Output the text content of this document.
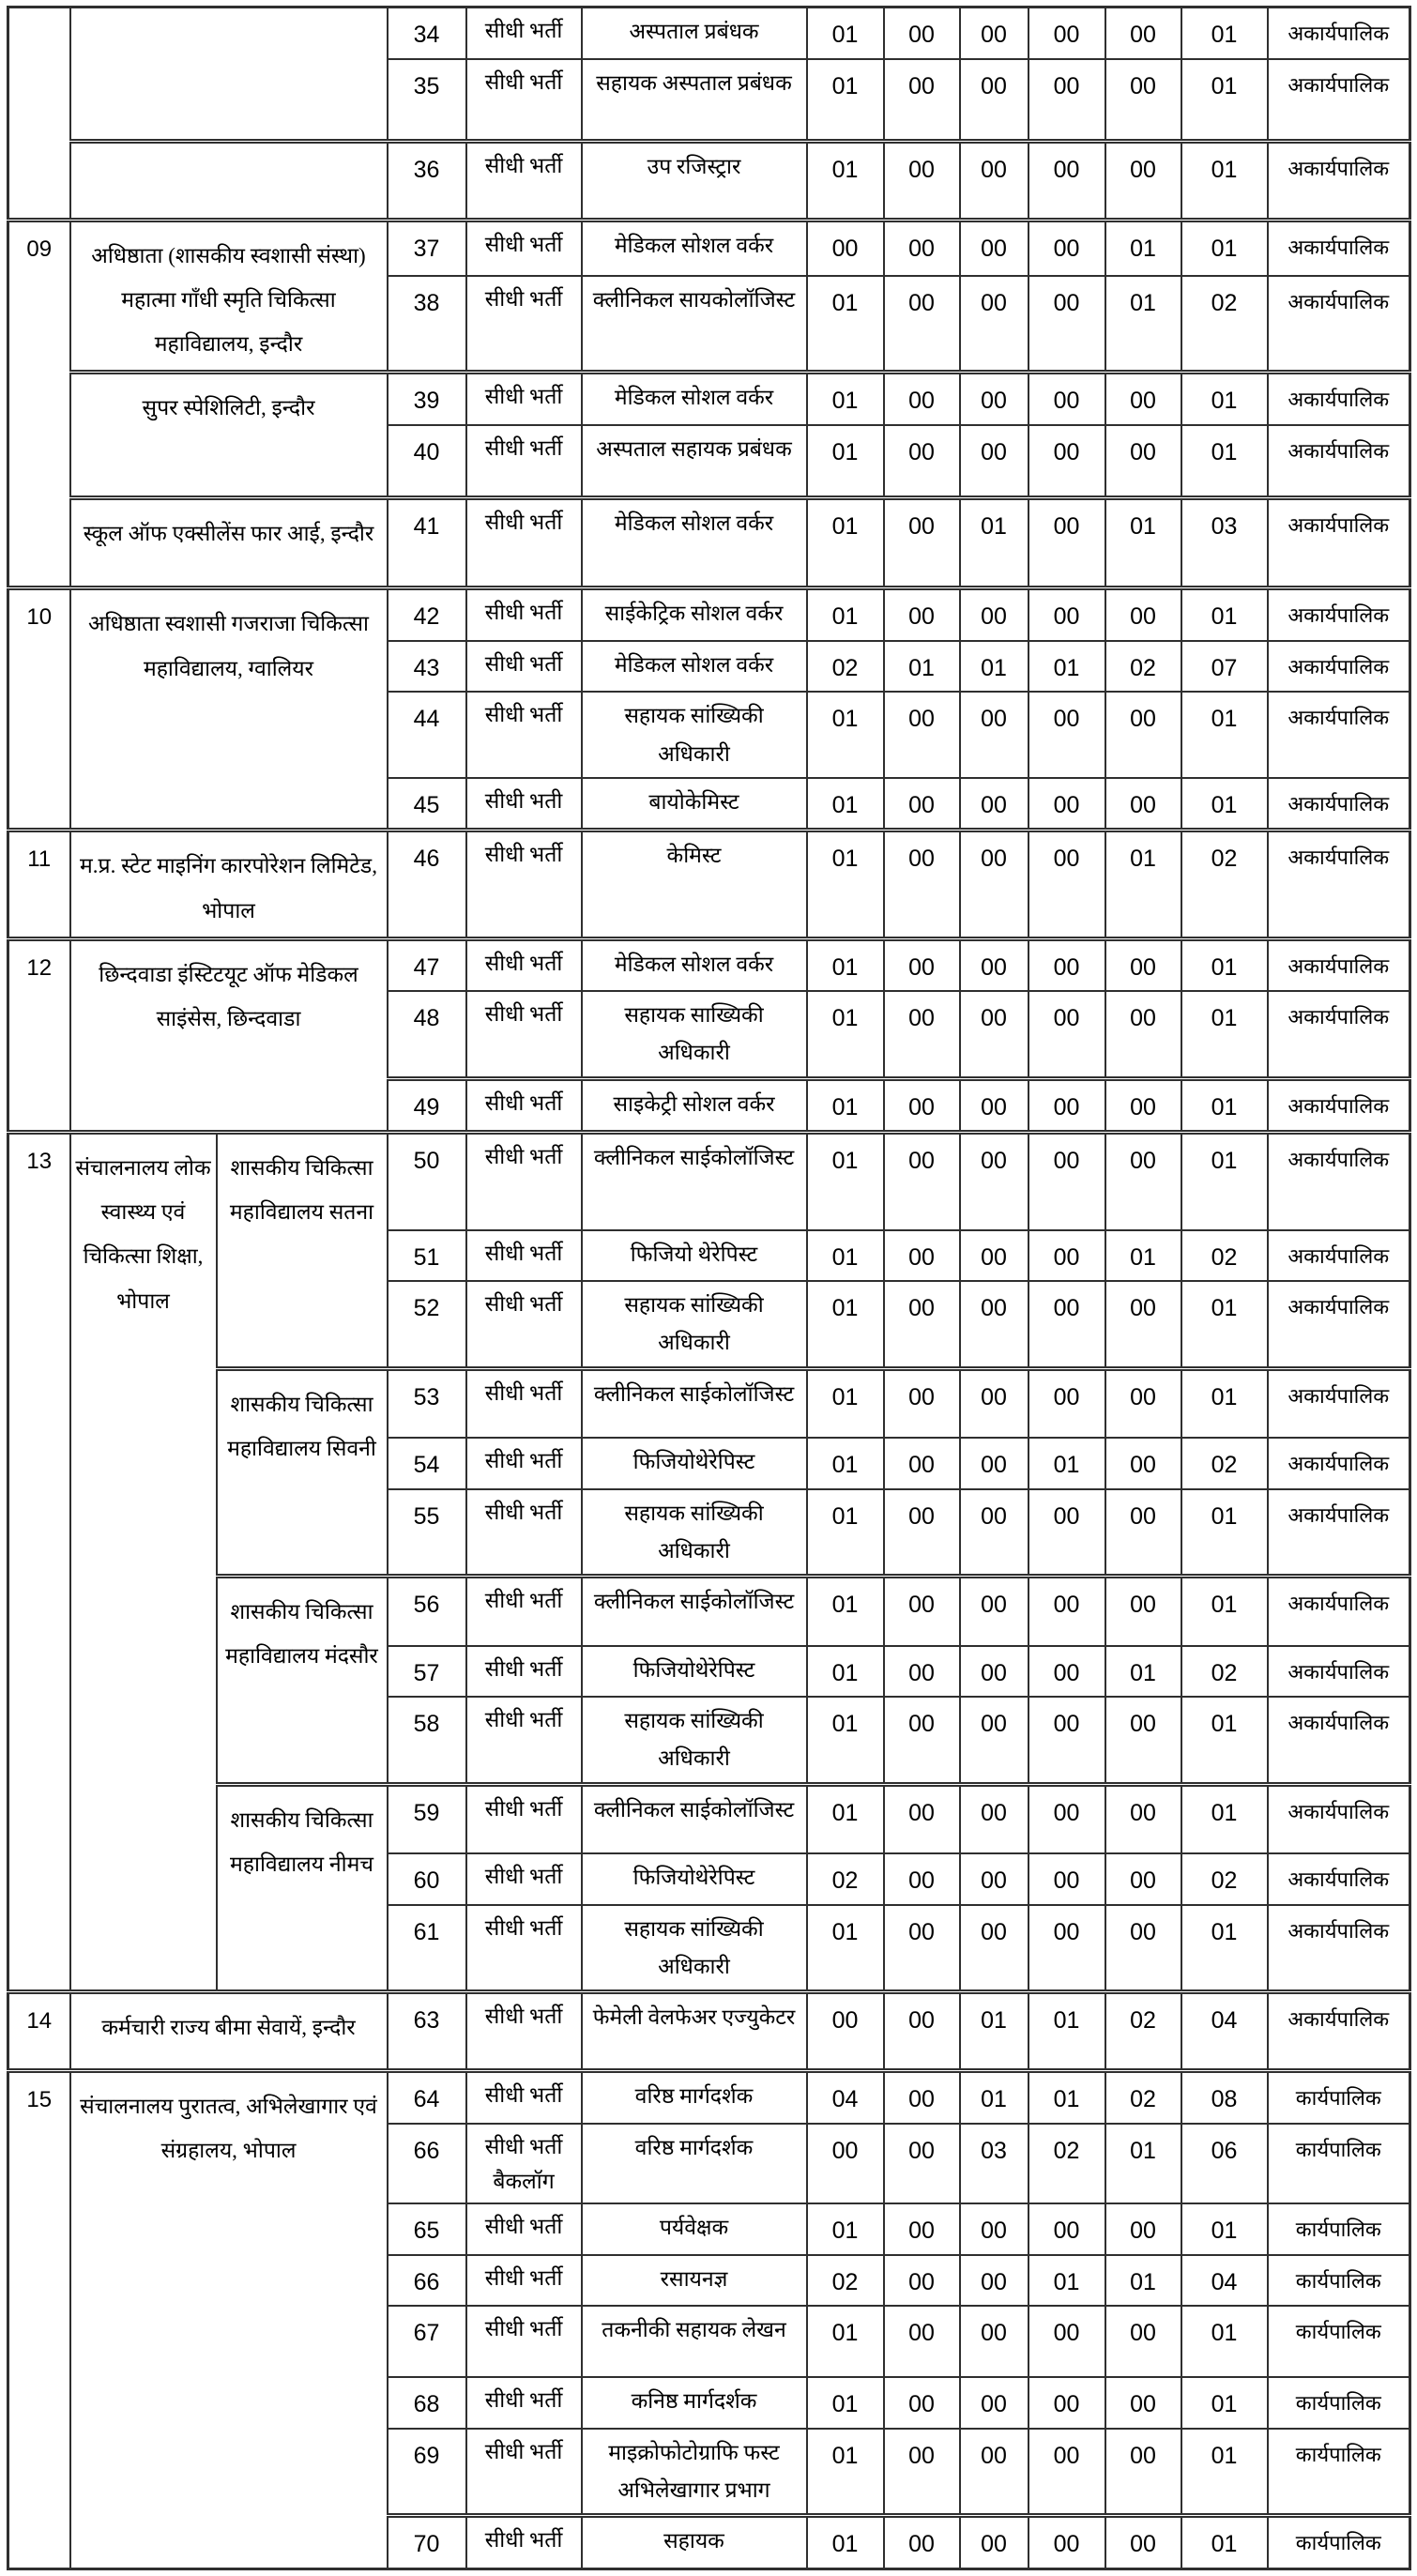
			34	सीधी भर्ती	अस्पताल प्रबंधक	01	00	00	00	00	01	अकार्यपालिक
			35	सीधी भर्ती	सहायक अस्पताल प्रबंधक	01	00	00	00	00	01	अकार्यपालिक
			36	सीधी भर्ती	उप रजिस्ट्रार	01	00	00	00	00	01	अकार्यपालिक
09	अधिष्ठाता (शासकीय स्वशासी संस्था) महात्मा गाँधी स्मृति चिकित्सा महाविद्यालय, इन्दौर		37	सीधी भर्ती	मेडिकल सोशल वर्कर	00	00	00	00	01	01	अकार्यपालिक
			38	सीधी भर्ती	क्लीनिकल सायकोलॉजिस्ट	01	00	00	00	01	02	अकार्यपालिक
	सुपर स्पेशिलिटी, इन्दौर		39	सीधी भर्ती	मेडिकल सोशल वर्कर	01	00	00	00	00	01	अकार्यपालिक
			40	सीधी भर्ती	अस्पताल सहायक प्रबंधक	01	00	00	00	00	01	अकार्यपालिक
	स्कूल ऑफ एक्सीलेंस फार आई, इन्दौर		41	सीधी भर्ती	मेडिकल सोशल वर्कर	01	00	01	00	01	03	अकार्यपालिक
10	अधिष्ठाता स्वशासी गजराजा चिकित्सा महाविद्यालय, ग्वालियर		42	सीधी भर्ती	साईकेट्रिक सोशल वर्कर	01	00	00	00	00	01	अकार्यपालिक
			43	सीधी भर्ती	मेडिकल सोशल वर्कर	02	01	01	01	02	07	अकार्यपालिक
			44	सीधी भर्ती	सहायक सांख्यिकी अधिकारी	01	00	00	00	00	01	अकार्यपालिक
			45	सीधी भती	बायोकेमिस्ट	01	00	00	00	00	01	अकार्यपालिक
11	म.प्र. स्टेट माइनिंग कारपोरेशन लिमिटेड, भोपाल		46	सीधी भर्ती	केमिस्ट	01	00	00	00	01	02	अकार्यपालिक
12	छिन्दवाडा इंस्टिटयूट ऑफ मेडिकल साइंसेस, छिन्दवाडा		47	सीधी भर्ती	मेडिकल सोशल वर्कर	01	00	00	00	00	01	अकार्यपालिक
			48	सीधी भर्ती	सहायक साख्यिकी अधिकारी	01	00	00	00	00	01	अकार्यपालिक
			49	सीधी भर्ती	साइकेट्री सोशल वर्कर	01	00	00	00	00	01	अकार्यपालिक
13	संचालनालय लोक स्वास्थ्य एवं चिकित्सा शिक्षा, भोपाल	शासकीय चिकित्सा महाविद्यालय सतना	50	सीधी भर्ती	क्लीनिकल साईकोलॉजिस्ट	01	00	00	00	00	01	अकार्यपालिक
			51	सीधी भर्ती	फिजियो थेरेपिस्ट	01	00	00	00	01	02	अकार्यपालिक
			52	सीधी भर्ती	सहायक सांख्यिकी अधिकारी	01	00	00	00	00	01	अकार्यपालिक
		शासकीय चिकित्सा महाविद्यालय सिवनी	53	सीधी भर्ती	क्लीनिकल साईकोलॉजिस्ट	01	00	00	00	00	01	अकार्यपालिक
			54	सीधी भर्ती	फिजियोथेरेपिस्ट	01	00	00	01	00	02	अकार्यपालिक
			55	सीधी भर्ती	सहायक सांख्यिकी अधिकारी	01	00	00	00	00	01	अकार्यपालिक
		शासकीय चिकित्सा महाविद्यालय मंदसौर	56	सीधी भर्ती	क्लीनिकल साईकोलॉजिस्ट	01	00	00	00	00	01	अकार्यपालिक
			57	सीधी भर्ती	फिजियोथेरेपिस्ट	01	00	00	00	01	02	अकार्यपालिक
			58	सीधी भर्ती	सहायक सांख्यिकी अधिकारी	01	00	00	00	00	01	अकार्यपालिक
		शासकीय चिकित्सा महाविद्यालय नीमच	59	सीधी भर्ती	क्लीनिकल साईकोलॉजिस्ट	01	00	00	00	00	01	अकार्यपालिक
			60	सीधी भर्ती	फिजियोथेरेपिस्ट	02	00	00	00	00	02	अकार्यपालिक
			61	सीधी भर्ती	सहायक सांख्यिकी अधिकारी	01	00	00	00	00	01	अकार्यपालिक
14	कर्मचारी राज्य बीमा सेवायें, इन्दौर		63	सीधी भर्ती	फेमेली वेलफेअर एज्युकेटर	00	00	01	01	02	04	अकार्यपालिक
15	संचालनालय पुरातत्व, अभिलेखागार एवं संग्रहालय, भोपाल		64	सीधी भर्ती	वरिष्ठ मार्गदर्शक	04	00	01	01	02	08	कार्यपालिक
			66	सीधी भर्ती बैकलॉग	वरिष्ठ मार्गदर्शक	00	00	03	02	01	06	कार्यपालिक
			65	सीधी भर्ती	पर्यवेक्षक	01	00	00	00	00	01	कार्यपालिक
			66	सीधी भर्ती	रसायनज्ञ	02	00	00	01	01	04	कार्यपालिक
			67	सीधी भर्ती	तकनीकी सहायक लेखन	01	00	00	00	00	01	कार्यपालिक
			68	सीधी भर्ती	कनिष्ठ मार्गदर्शक	01	00	00	00	00	01	कार्यपालिक
			69	सीधी भर्ती	माइक्रोफोटोग्राफि फस्ट अभिलेखागार प्रभाग	01	00	00	00	00	01	कार्यपालिक
			70	सीधी भर्ती	सहायक	01	00	00	00	00	01	कार्यपालिक
